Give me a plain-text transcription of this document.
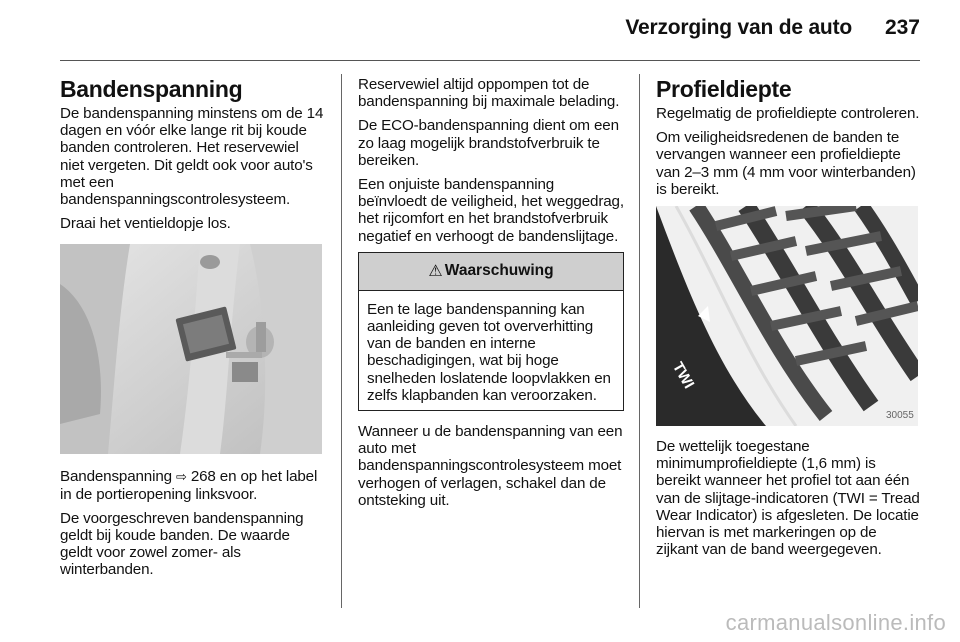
Verzorging van de auto	237
Bandenspanning

De bandenspanning minstens om de 14 dagen en vóór elke lange rit bij koude banden controleren. Het reservewiel niet vergeten. Dit geldt ook voor auto's met een bandenspanningscontrolesysteem.

Draai het ventieldopje los.

Bandenspanning ⇨ 268 en op het label in de portieropening linksvoor.

De voorgeschreven bandenspanning geldt bij koude banden. De waarde geldt voor zowel zomer- als winterbanden.

Reservewiel altijd oppompen tot de bandenspanning bij maximale belading.

De ECO-bandenspanning dient om een zo laag mogelijk brandstofverbruik te bereiken.

Een onjuiste bandenspanning beïnvloedt de veiligheid, het weggedrag, het rijcomfort en het brandstofverbruik negatief en verhoogt de bandenslijtage.

⚠ Waarschuwing

Een te lage bandenspanning kan aanleiding geven tot oververhitting van de banden en interne beschadigingen, wat bij hoge snelheden loslatende loopvlakken en zelfs klapbanden kan veroorzaken.

Wanneer u de bandenspanning van een auto met bandenspanningscontrolesysteem moet verhogen of verlagen, schakel dan de ontsteking uit.

Profieldiepte

Regelmatig de profieldiepte controleren.

Om veiligheidsredenen de banden te vervangen wanneer een profieldiepte van 2–3 mm (4 mm voor winterbanden) is bereikt.

TWI
30055

De wettelijk toegestane minimumprofieldiepte (1,6 mm) is bereikt wanneer het profiel tot aan één van de slijtage-indicatoren (TWI = Tread Wear Indicator) is afgesleten. De locatie hiervan is met markeringen op de zijkant van de band weergegeven.

carmanualsonline.info
